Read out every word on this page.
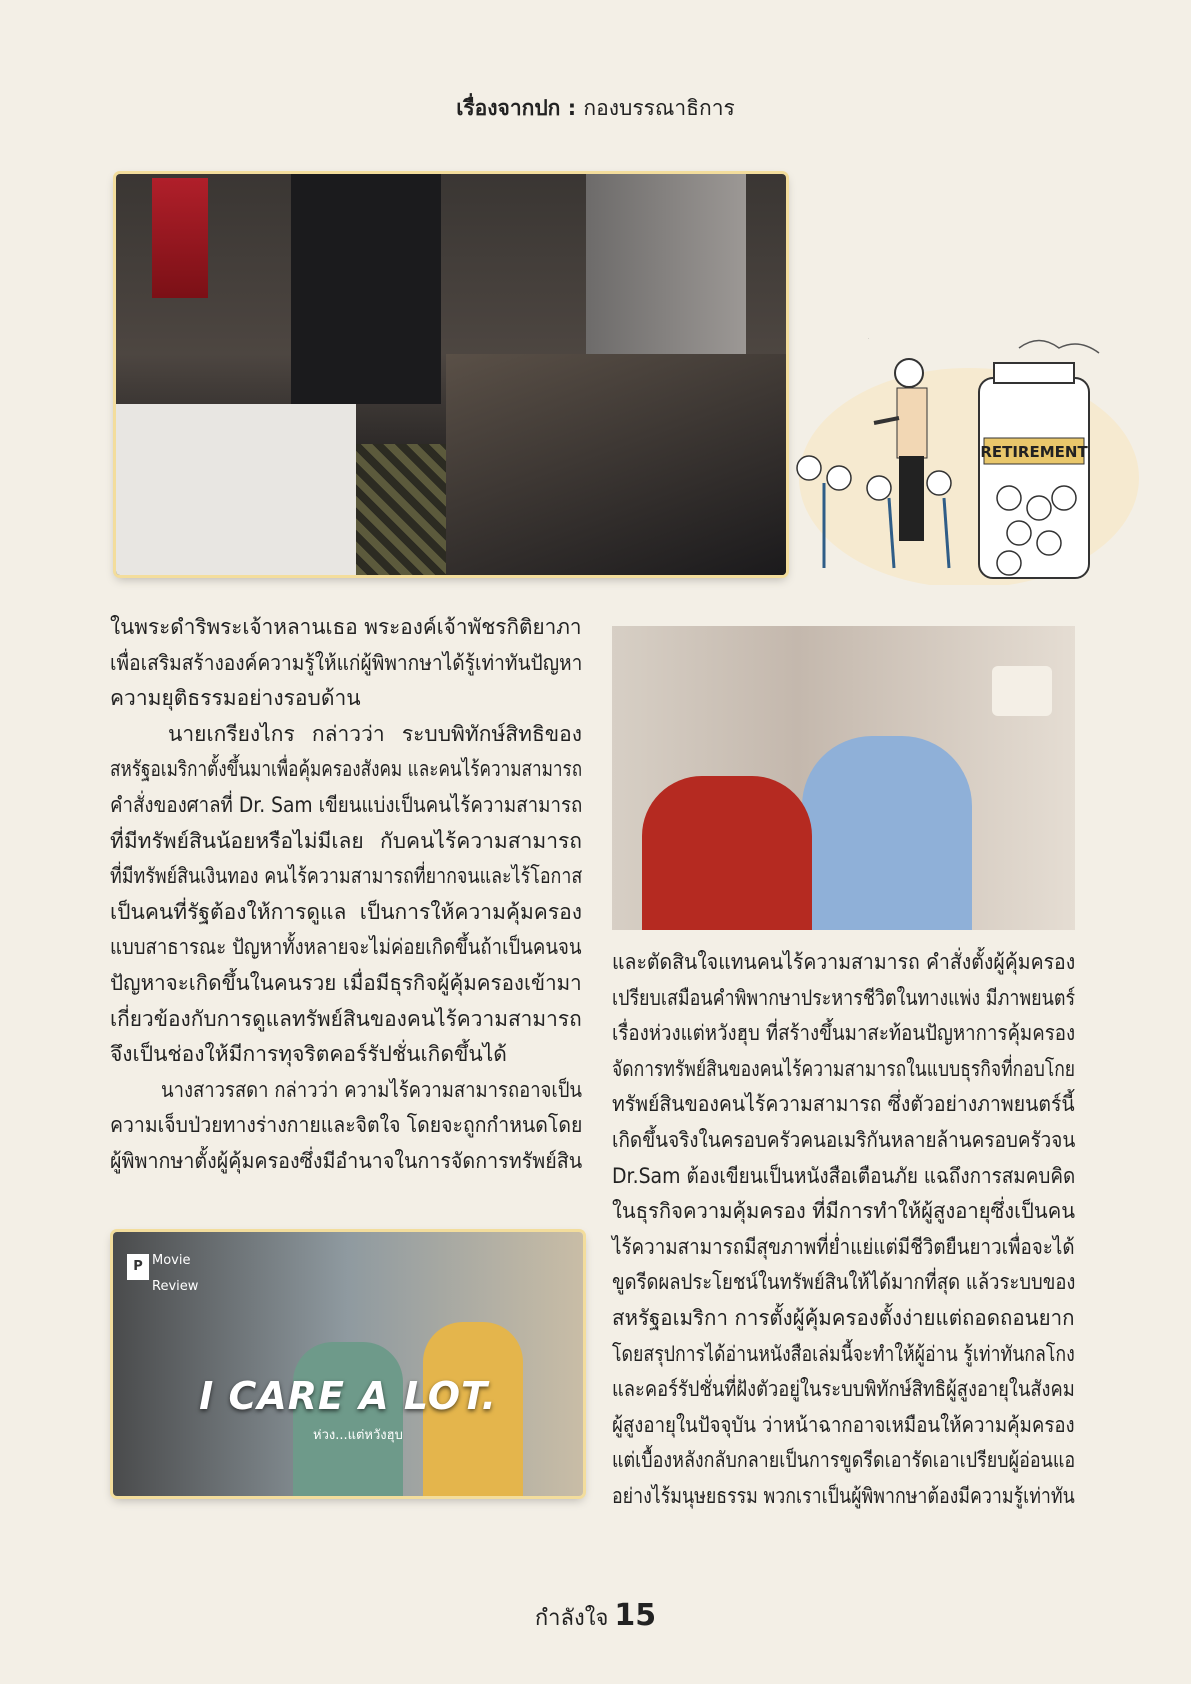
เรื่องจากปก : กองบรรณาธิการ
RETIREMENT
ในพระดำริพระเจ้าหลานเธอ พระองค์เจ้าพัชรกิติยาภา
เพื่อเสริมสร้างองค์ความรู้ให้แก่ผู้พิพากษาได้รู้เท่าทันปัญหา
ความยุติธรรมอย่างรอบด้าน
นายเกรียงไกร กล่าวว่า ระบบพิทักษ์สิทธิของ
สหรัฐอเมริกาตั้งขึ้นมาเพื่อคุ้มครองสังคม และคนไร้ความสามารถ
คำสั่งของศาลที่ Dr. Sam เขียนแบ่งเป็นคนไร้ความสามารถ
ที่มีทรัพย์สินน้อยหรือไม่มีเลย กับคนไร้ความสามารถ
ที่มีทรัพย์สินเงินทอง คนไร้ความสามารถที่ยากจนและไร้โอกาส
เป็นคนที่รัฐต้องให้การดูแล เป็นการให้ความคุ้มครอง
แบบสาธารณะ ปัญหาทั้งหลายจะไม่ค่อยเกิดขึ้นถ้าเป็นคนจน
ปัญหาจะเกิดขึ้นในคนรวย เมื่อมีธุรกิจผู้คุ้มครองเข้ามา
เกี่ยวข้องกับการดูแลทรัพย์สินของคนไร้ความสามารถ
จึงเป็นช่องให้มีการทุจริตคอร์รัปชั่นเกิดขึ้นได้
นางสาวรสดา กล่าวว่า ความไร้ความสามารถอาจเป็น
ความเจ็บป่วยทางร่างกายและจิตใจ โดยจะถูกกำหนดโดย
ผู้พิพากษาตั้งผู้คุ้มครองซึ่งมีอำนาจในการจัดการทรัพย์สิน
และตัดสินใจแทนคนไร้ความสามารถ คำสั่งตั้งผู้คุ้มครอง
เปรียบเสมือนคำพิพากษาประหารชีวิตในทางแพ่ง มีภาพยนตร์
เรื่องห่วงแต่หวังฮุบ ที่สร้างขึ้นมาสะท้อนปัญหาการคุ้มครอง
จัดการทรัพย์สินของคนไร้ความสามารถในแบบธุรกิจที่กอบโกย
ทรัพย์สินของคนไร้ความสามารถ ซึ่งตัวอย่างภาพยนตร์นี้
เกิดขึ้นจริงในครอบครัวคนอเมริกันหลายล้านครอบครัวจน
Dr.Sam ต้องเขียนเป็นหนังสือเตือนภัย แฉถึงการสมคบคิด
ในธุรกิจความคุ้มครอง ที่มีการทำให้ผู้สูงอายุซึ่งเป็นคน
ไร้ความสามารถมีสุขภาพที่ย่ำแย่แต่มีชีวิตยืนยาวเพื่อจะได้
ขูดรีดผลประโยชน์ในทรัพย์สินให้ได้มากที่สุด แล้วระบบของ
สหรัฐอเมริกา การตั้งผู้คุ้มครองตั้งง่ายแต่ถอดถอนยาก
โดยสรุปการได้อ่านหนังสือเล่มนี้จะทำให้ผู้อ่าน รู้เท่าทันกลโกง
และคอร์รัปชั่นที่ฝังตัวอยู่ในระบบพิทักษ์สิทธิผู้สูงอายุในสังคม
ผู้สูงอายุในปัจจุบัน ว่าหน้าฉากอาจเหมือนให้ความคุ้มครอง
แต่เบื้องหลังกลับกลายเป็นการขูดรีดเอารัดเอาเปรียบผู้อ่อนแอ
อย่างไร้มนุษยธรรม พวกเราเป็นผู้พิพากษาต้องมีความรู้เท่าทัน
P Movie
Review
I CARE A LOT.
ห่วง...แต่หวังฮุบ
กำลังใจ 15
